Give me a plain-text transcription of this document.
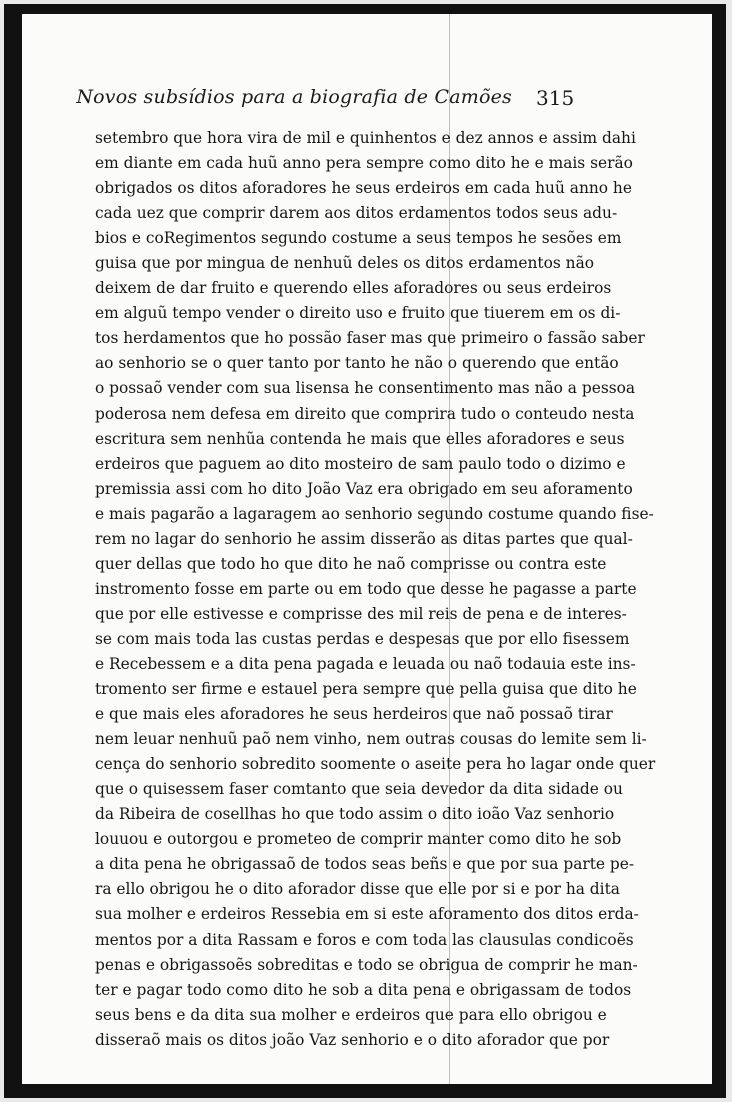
Novos subsídios para a biografia de Camões 315
setembro que hora vira de mil e quinhentos e dez annos e assim dahi
em diante em cada huũ anno pera sempre como dito he e mais serão
obrigados os ditos aforadores he seus erdeiros em cada huũ anno he
cada uez que comprir darem aos ditos erdamentos todos seus adu-
bios e coRegimentos segundo costume a seus tempos he sesões em
guisa que por mingua de nenhuũ deles os ditos erdamentos não
deixem de dar fruito e querendo elles aforadores ou seus erdeiros
em alguũ tempo vender o direito uso e fruito que tiuerem em os di-
tos herdamentos que ho possão faser mas que primeiro o fassão saber
ao senhorio se o quer tanto por tanto he não o querendo que então
o possaõ vender com sua lisensa he consentimento mas não a pessoa
poderosa nem defesa em direito que comprira tudo o conteudo nesta
escritura sem nenhũa contenda he mais que elles aforadores e seus
erdeiros que paguem ao dito mosteiro de sam paulo todo o dizimo e
premissia assi com ho dito João Vaz era obrigado em seu aforamento
e mais pagarão a lagaragem ao senhorio segundo costume quando fise-
rem no lagar do senhorio he assim disserão as ditas partes que qual-
quer dellas que todo ho que dito he naõ comprisse ou contra este
instromento fosse em parte ou em todo que desse he pagasse a parte
que por elle estivesse e comprisse des mil reis de pena e de interes-
se com mais toda las custas perdas e despesas que por ello fisessem
e Recebessem e a dita pena pagada e leuada ou naõ todauia este ins-
tromento ser firme e estauel pera sempre que pella guisa que dito he
e que mais eles aforadores he seus herdeiros que naõ possaõ tirar
nem leuar nenhuũ paõ nem vinho, nem outras cousas do lemite sem li-
cença do senhorio sobredito soomente o aseite pera ho lagar onde quer
que o quisessem faser comtanto que seia devedor da dita sidade ou
da Ribeira de cosellhas ho que todo assim o dito ioão Vaz senhorio
louuou e outorgou e prometeo de comprir manter como dito he sob
a dita pena he obrigassaõ de todos seas beñs e que por sua parte pe-
ra ello obrigou he o dito aforador disse que elle por si e por ha dita
sua molher e erdeiros Ressebia em si este aforamento dos ditos erda-
mentos por a dita Rassam e foros e com toda las clausulas condicoẽs
penas e obrigassoẽs sobreditas e todo se obrigua de comprir he man-
ter e pagar todo como dito he sob a dita pena e obrigassam de todos
seus bens e da dita sua molher e erdeiros que para ello obrigou e
disseraõ mais os ditos joão Vaz senhorio e o dito aforador que por
